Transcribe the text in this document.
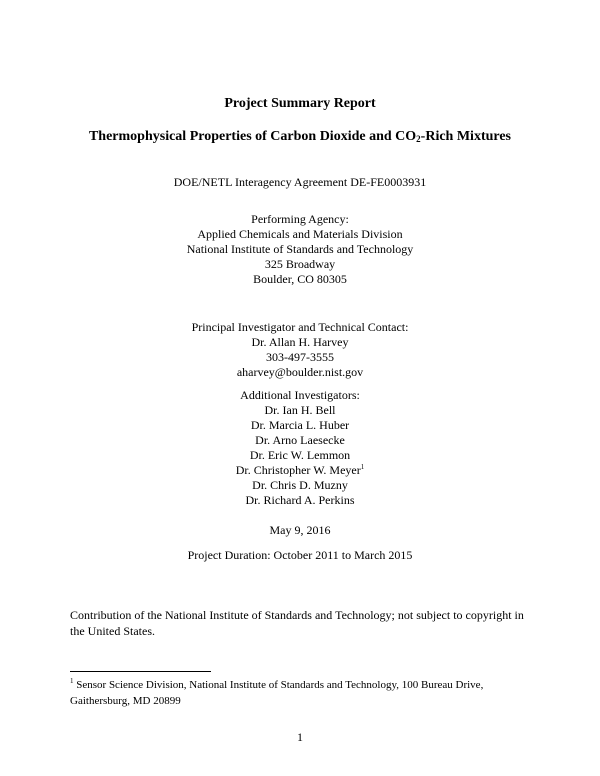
Project Summary Report
Thermophysical Properties of Carbon Dioxide and $CO_2$-Rich Mixtures
DOE/NETL Interagency Agreement DE-FE0003931
Performing Agency:
Applied Chemicals and Materials Division
National Institute of Standards and Technology
325 Broadway
Boulder, CO 80305
Principal Investigator and Technical Contact:
Dr. Allan H. Harvey
303-497-3555
aharvey@boulder.nist.gov
Additional Investigators:
Dr. Ian H. Bell
Dr. Marcia L. Huber
Dr. Arno Laesecke
Dr. Eric W. Lemmon
Dr. Christopher W. Meyer$^1$
Dr. Chris D. Muzny
Dr. Richard A. Perkins
May 9, 2016
Project Duration: October 2011 to March 2015
Contribution of the National Institute of Standards and Technology; not subject to copyright in the United States.
$^1$ Sensor Science Division, National Institute of Standards and Technology, 100 Bureau Drive, Gaithersburg, MD 20899
1
